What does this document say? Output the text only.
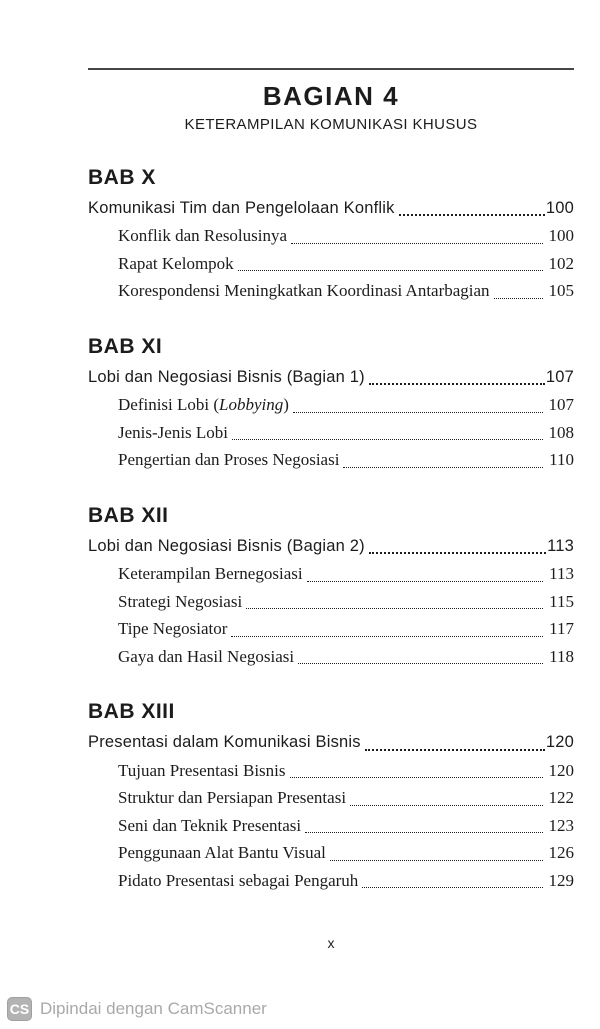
BAGIAN 4
KETERAMPILAN KOMUNIKASI KHUSUS
BAB X
Komunikasi Tim dan Pengelolaan Konflik	100
Konflik dan Resolusinya	100
Rapat Kelompok	102
Korespondensi Meningkatkan Koordinasi Antarbagian	105
BAB XI
Lobi dan Negosiasi Bisnis (Bagian 1)	107
Definisi Lobi (Lobbying)	107
Jenis-Jenis Lobi	108
Pengertian dan Proses Negosiasi	110
BAB XII
Lobi dan Negosiasi Bisnis (Bagian 2)	113
Keterampilan Bernegosiasi	113
Strategi Negosiasi	115
Tipe Negosiator	117
Gaya dan Hasil Negosiasi	118
BAB XIII
Presentasi dalam Komunikasi Bisnis	120
Tujuan Presentasi Bisnis	120
Struktur dan Persiapan Presentasi	122
Seni dan Teknik Presentasi	123
Penggunaan Alat Bantu Visual	126
Pidato Presentasi sebagai Pengaruh	129
x
CS Dipindai dengan CamScanner
